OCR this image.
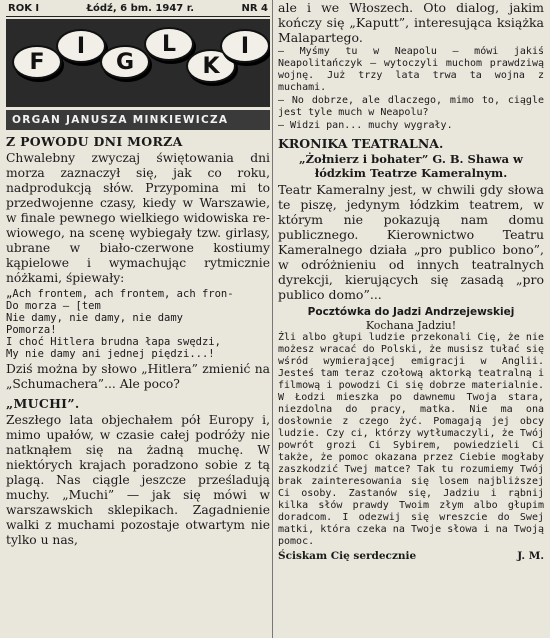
ROK I	Łódź, 6 bm. 1947 r.	NR 4
F
I
G
L
K
I
ORGAN JANUSZA MINKIEWICZA
Z POWODU DNI MORZA

Chwalebny zwyczaj świętowania dni morza zaznaczył się, jak co roku, nadprodukcją słów. Przypomina mi to przedwojenne czasy, kiedy w Warszawie, w finale pewnego wielkiego widowiska rewiowego, na scenę wybiegały tzw. girlasy, ubrane w biało-czerwone kostiumy kąpielowe i wymachując rytmicznie nóżkami, śpiewały:

„Ach frontem, ach frontem, ach fron-
Do morza — [tem
Nie damy, nie damy, nie damy
Pomorza!
I choć Hitlera brudna łapa swędzi,
My nie damy ani jednej piędzi...!

Dziś można by słowo „Hitlera” zmienić na „Schumachera”... Ale poco?

„MUCHI”.

Zeszłego lata objechałem pół Europy i, mimo upałów, w czasie całej podróży nie natknąłem się na żadną muchę. W niektórych krajach poradzono sobie z tą plagą. Nas ciągle jeszcze prześladują muchy. „Muchi” — jak się mówi w warszawskich sklepikach. Zagadnienie walki z muchami pozostaje otwartym nie tylko u nas,

ale i we Włoszech. Oto dialog, jakim kończy się „Kaputt”, interesująca książka Malapartego.

— Myśmy tu w Neapolu — mówi jakiś Neapolitańczyk — wytoczyli muchom prawdziwą wojnę. Już trzy lata trwa ta wojna z muchami.
— No dobrze, ale dlaczego, mimo to, ciągle jest tyle much w Neapolu?
— Widzi pan... muchy wygrały.
KRONIKA TEATRALNA.
„Żołnierz i bohater” G. B. Shawa w łódzkim Teatrze Kameralnym.

Teatr Kameralny jest, w chwili gdy słowa te piszę, jedynym łódzkim teatrem, w którym nie pokazują nam domu publicznego. Kierownictwo Teatru Kameralnego działa „pro publico bono”, w odróżnieniu od innych teatralnych dyrekcji, kierujących się zasadą „pro publico domo”...

Pocztówka do Jadzi Andrzejewskiej
Kochana Jadziu!
Źli albo głupi ludzie przekonali Cię, że nie możesz wracać do Polski, że musisz tułać się wśród wymierającej emigracji w Anglii. Jesteś tam teraz czołową aktorką teatralną i filmową i powodzi Ci się dobrze materialnie. W Łodzi mieszka po dawnemu Twoja stara, niezdolna do pracy, matka. Nie ma ona dosłownie z czego żyć. Pomagają jej obcy ludzie. Czy ci, którzy wytłumaczyli, że Twój powrót grozi Ci Sybirem, powiedzieli Ci także, że pomoc okazana przez Ciebie mogłaby zaszkodzić Twej matce? Tak tu rozumiemy Twój brak zainteresowania się losem najbliższej Ci osoby. Zastanów się, Jadziu i rąbnij kilka słów prawdy Twoim złym albo głupim doradcom. I odezwij się wreszcie do Swej matki, która czeka na Twoje słowa i na Twoją pomoc.
Ściskam Cię serdecznie	J. M.
